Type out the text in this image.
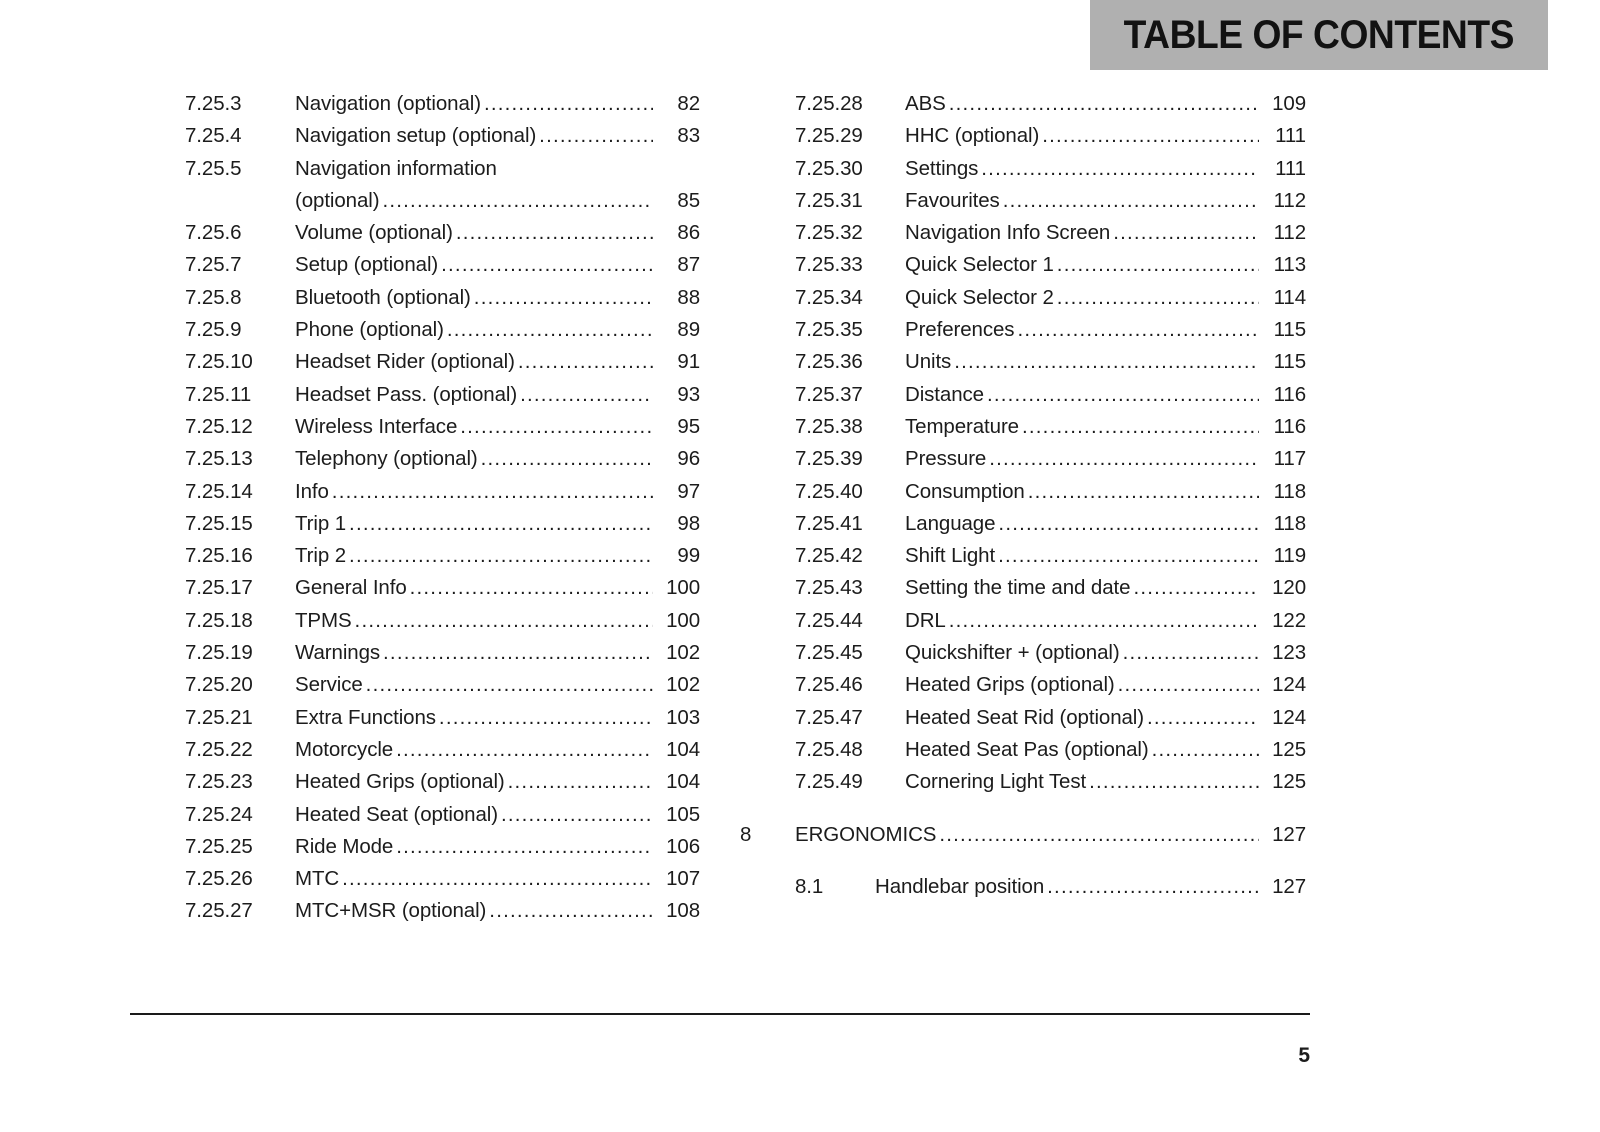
TABLE OF CONTENTS
7.25.3	Navigation (optional) .....	82
7.25.4	Navigation setup (optional) .....	83
7.25.5	Navigation information
(optional) .....	85
7.25.6	Volume (optional) .....	86
7.25.7	Setup (optional) .....	87
7.25.8	Bluetooth (optional) .....	88
7.25.9	Phone (optional) .....	89
7.25.10	Headset Rider (optional) .....	91
7.25.11	Headset Pass. (optional) .....	93
7.25.12	Wireless Interface .....	95
7.25.13	Telephony (optional) .....	96
7.25.14	Info .....	97
7.25.15	Trip 1 .....	98
7.25.16	Trip 2 .....	99
7.25.17	General Info .....	100
7.25.18	TPMS .....	100
7.25.19	Warnings .....	102
7.25.20	Service .....	102
7.25.21	Extra Functions .....	103
7.25.22	Motorcycle .....	104
7.25.23	Heated Grips (optional) .....	104
7.25.24	Heated Seat (optional) .....	105
7.25.25	Ride Mode .....	106
7.25.26	MTC .....	107
7.25.27	MTC+MSR (optional) .....	108
7.25.28	ABS .....	109
7.25.29	HHC (optional) .....	111
7.25.30	Settings .....	111
7.25.31	Favourites .....	112
7.25.32	Navigation Info Screen .....	112
7.25.33	Quick Selector 1 .....	113
7.25.34	Quick Selector 2 .....	114
7.25.35	Preferences .....	115
7.25.36	Units .....	115
7.25.37	Distance .....	116
7.25.38	Temperature .....	116
7.25.39	Pressure .....	117
7.25.40	Consumption .....	118
7.25.41	Language .....	118
7.25.42	Shift Light .....	119
7.25.43	Setting the time and date .....	120
7.25.44	DRL .....	122
7.25.45	Quickshifter + (optional) .....	123
7.25.46	Heated Grips (optional) .....	124
7.25.47	Heated Seat Rid (optional) .....	124
7.25.48	Heated Seat Pas (optional) .....	125
7.25.49	Cornering Light Test .....	125
8	ERGONOMICS .....	127
8.1	Handlebar position .....	127
5
